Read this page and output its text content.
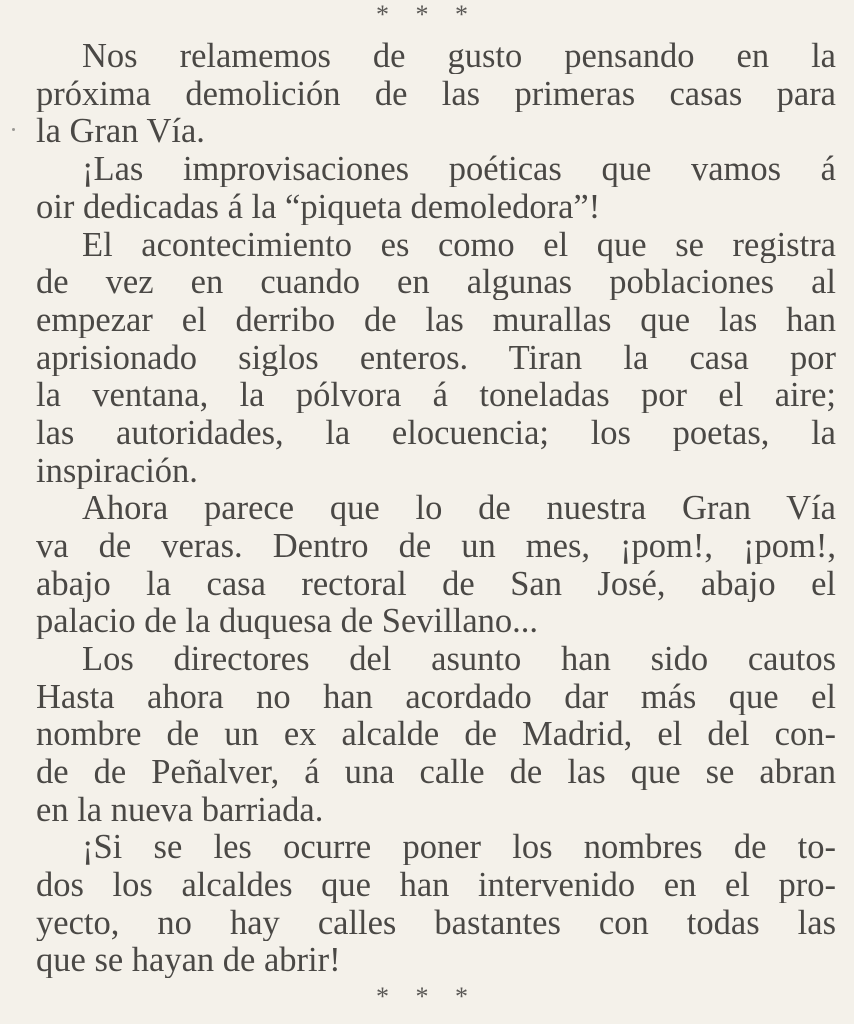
* * *
Nos relamemos de gusto pensando en la
próxima demolición de las primeras casas para
la Gran Vía.
¡Las improvisaciones poéticas que vamos á
oir dedicadas á la “piqueta demoledora”!
El acontecimiento es como el que se registra
de vez en cuando en algunas poblaciones al
empezar el derribo de las murallas que las han
aprisionado siglos enteros. Tiran la casa por
la ventana, la pólvora á toneladas por el aire;
las autoridades, la elocuencia; los poetas, la
inspiración.
Ahora parece que lo de nuestra Gran Vía
va de veras. Dentro de un mes, ¡pom!, ¡pom!,
abajo la casa rectoral de San José, abajo el
palacio de la duquesa de Sevillano...
Los directores del asunto han sido cautos
Hasta ahora no han acordado dar más que el
nombre de un ex alcalde de Madrid, el del con-
de de Peñalver, á una calle de las que se abran
en la nueva barriada.
¡Si se les ocurre poner los nombres de to-
dos los alcaldes que han intervenido en el pro-
yecto, no hay calles bastantes con todas las
que se hayan de abrir!
* * *
